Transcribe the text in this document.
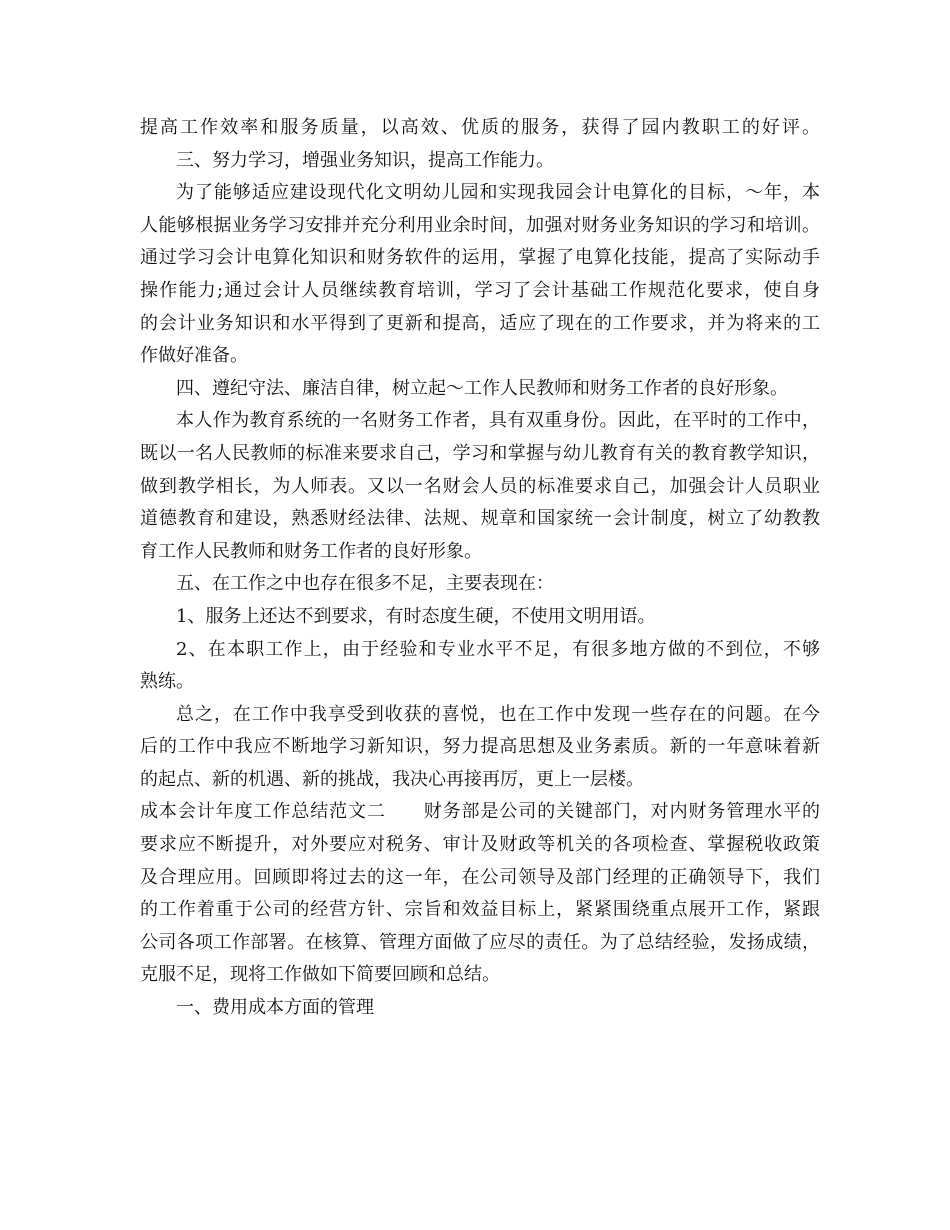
提高工作效率和服务质量，以高效、优质的服务，获得了园内教职工的好评。
三、努力学习，增强业务知识，提高工作能力。
为了能够适应建设现代化文明幼儿园和实现我园会计电算化的目标，～年，本
人能够根据业务学习安排并充分利用业余时间，加强对财务业务知识的学习和培训。
通过学习会计电算化知识和财务软件的运用，掌握了电算化技能，提高了实际动手
操作能力;通过会计人员继续教育培训，学习了会计基础工作规范化要求，使自身
的会计业务知识和水平得到了更新和提高，适应了现在的工作要求，并为将来的工
作做好准备。
四、遵纪守法、廉洁自律，树立起～工作人民教师和财务工作者的良好形象。
本人作为教育系统的一名财务工作者，具有双重身份。因此，在平时的工作中，
既以一名人民教师的标准来要求自己，学习和掌握与幼儿教育有关的教育教学知识，
做到教学相长，为人师表。又以一名财会人员的标准要求自己，加强会计人员职业
道德教育和建设，熟悉财经法律、法规、规章和国家统一会计制度，树立了幼教教
育工作人民教师和财务工作者的良好形象。
五、在工作之中也存在很多不足，主要表现在：
1、服务上还达不到要求，有时态度生硬，不使用文明用语。
2、在本职工作上，由于经验和专业水平不足，有很多地方做的不到位，不够
熟练。
总之，在工作中我享受到收获的喜悦，也在工作中发现一些存在的问题。在今
后的工作中我应不断地学习新知识，努力提高思想及业务素质。新的一年意味着新
的起点、新的机遇、新的挑战，我决心再接再厉，更上一层楼。
成本会计年度工作总结范文二　　财务部是公司的关键部门，对内财务管理水平的
要求应不断提升，对外要应对税务、审计及财政等机关的各项检查、掌握税收政策
及合理应用。回顾即将过去的这一年，在公司领导及部门经理的正确领导下，我们
的工作着重于公司的经营方针、宗旨和效益目标上，紧紧围绕重点展开工作，紧跟
公司各项工作部署。在核算、管理方面做了应尽的责任。为了总结经验，发扬成绩，
克服不足，现将工作做如下简要回顾和总结。
一、费用成本方面的管理
